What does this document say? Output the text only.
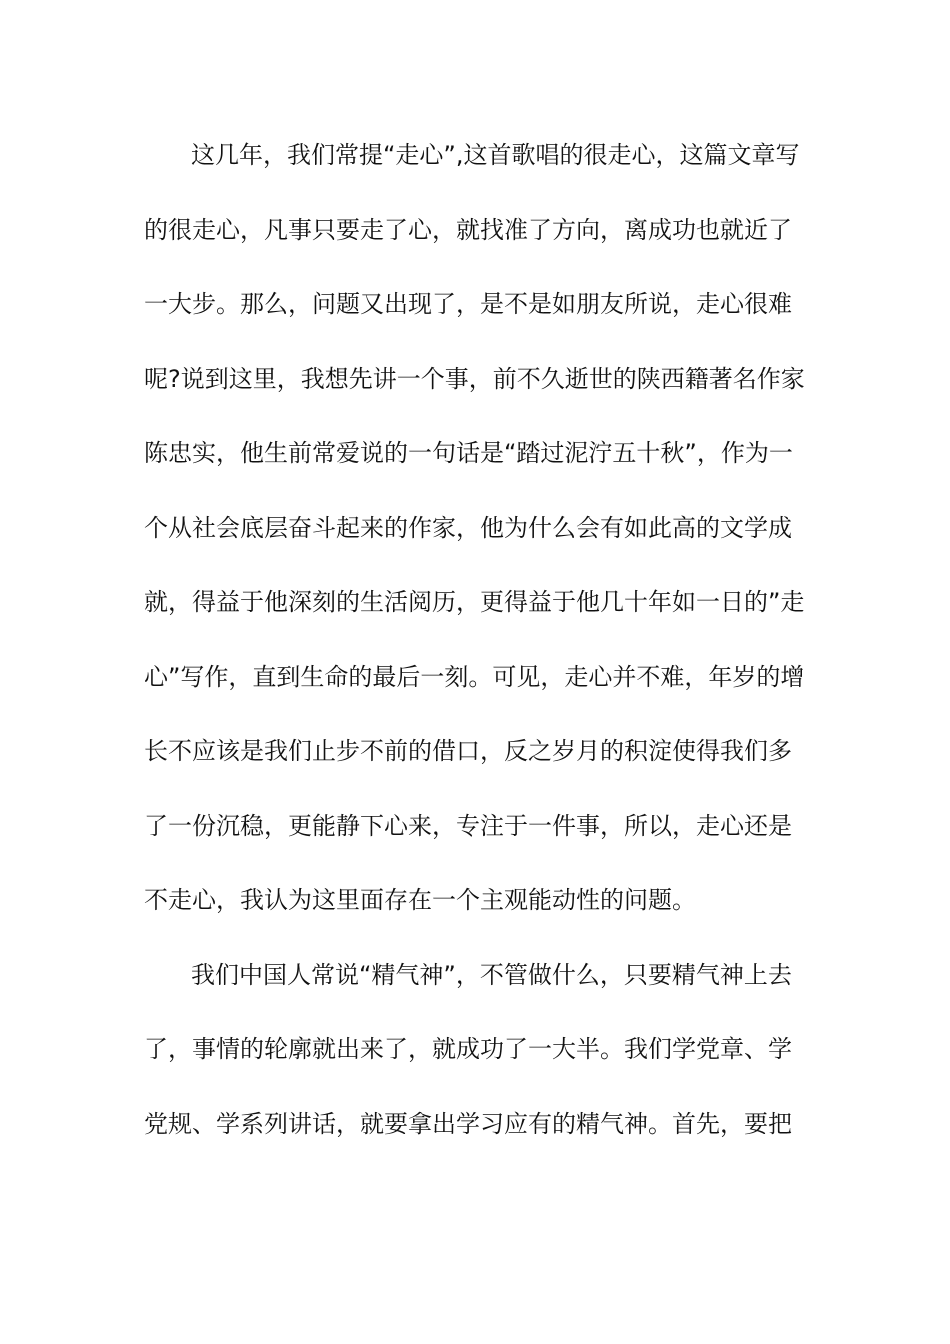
这几年，我们常提“走心”,这首歌唱的很走心，这篇文章写
的很走心，凡事只要走了心，就找准了方向，离成功也就近了
一大步。那么，问题又出现了，是不是如朋友所说，走心很难
呢?说到这里，我想先讲一个事，前不久逝世的陕西籍著名作家
陈忠实，他生前常爱说的一句话是“踏过泥泞五十秋”，作为一
个从社会底层奋斗起来的作家，他为什么会有如此高的文学成
就，得益于他深刻的生活阅历，更得益于他几十年如一日的”走
心”写作，直到生命的最后一刻。可见，走心并不难，年岁的增
长不应该是我们止步不前的借口，反之岁月的积淀使得我们多
了一份沉稳，更能静下心来，专注于一件事，所以，走心还是
不走心，我认为这里面存在一个主观能动性的问题。

我们中国人常说“精气神”，不管做什么，只要精气神上去
了，事情的轮廓就出来了，就成功了一大半。我们学党章、学
党规、学系列讲话，就要拿出学习应有的精气神。首先，要把
